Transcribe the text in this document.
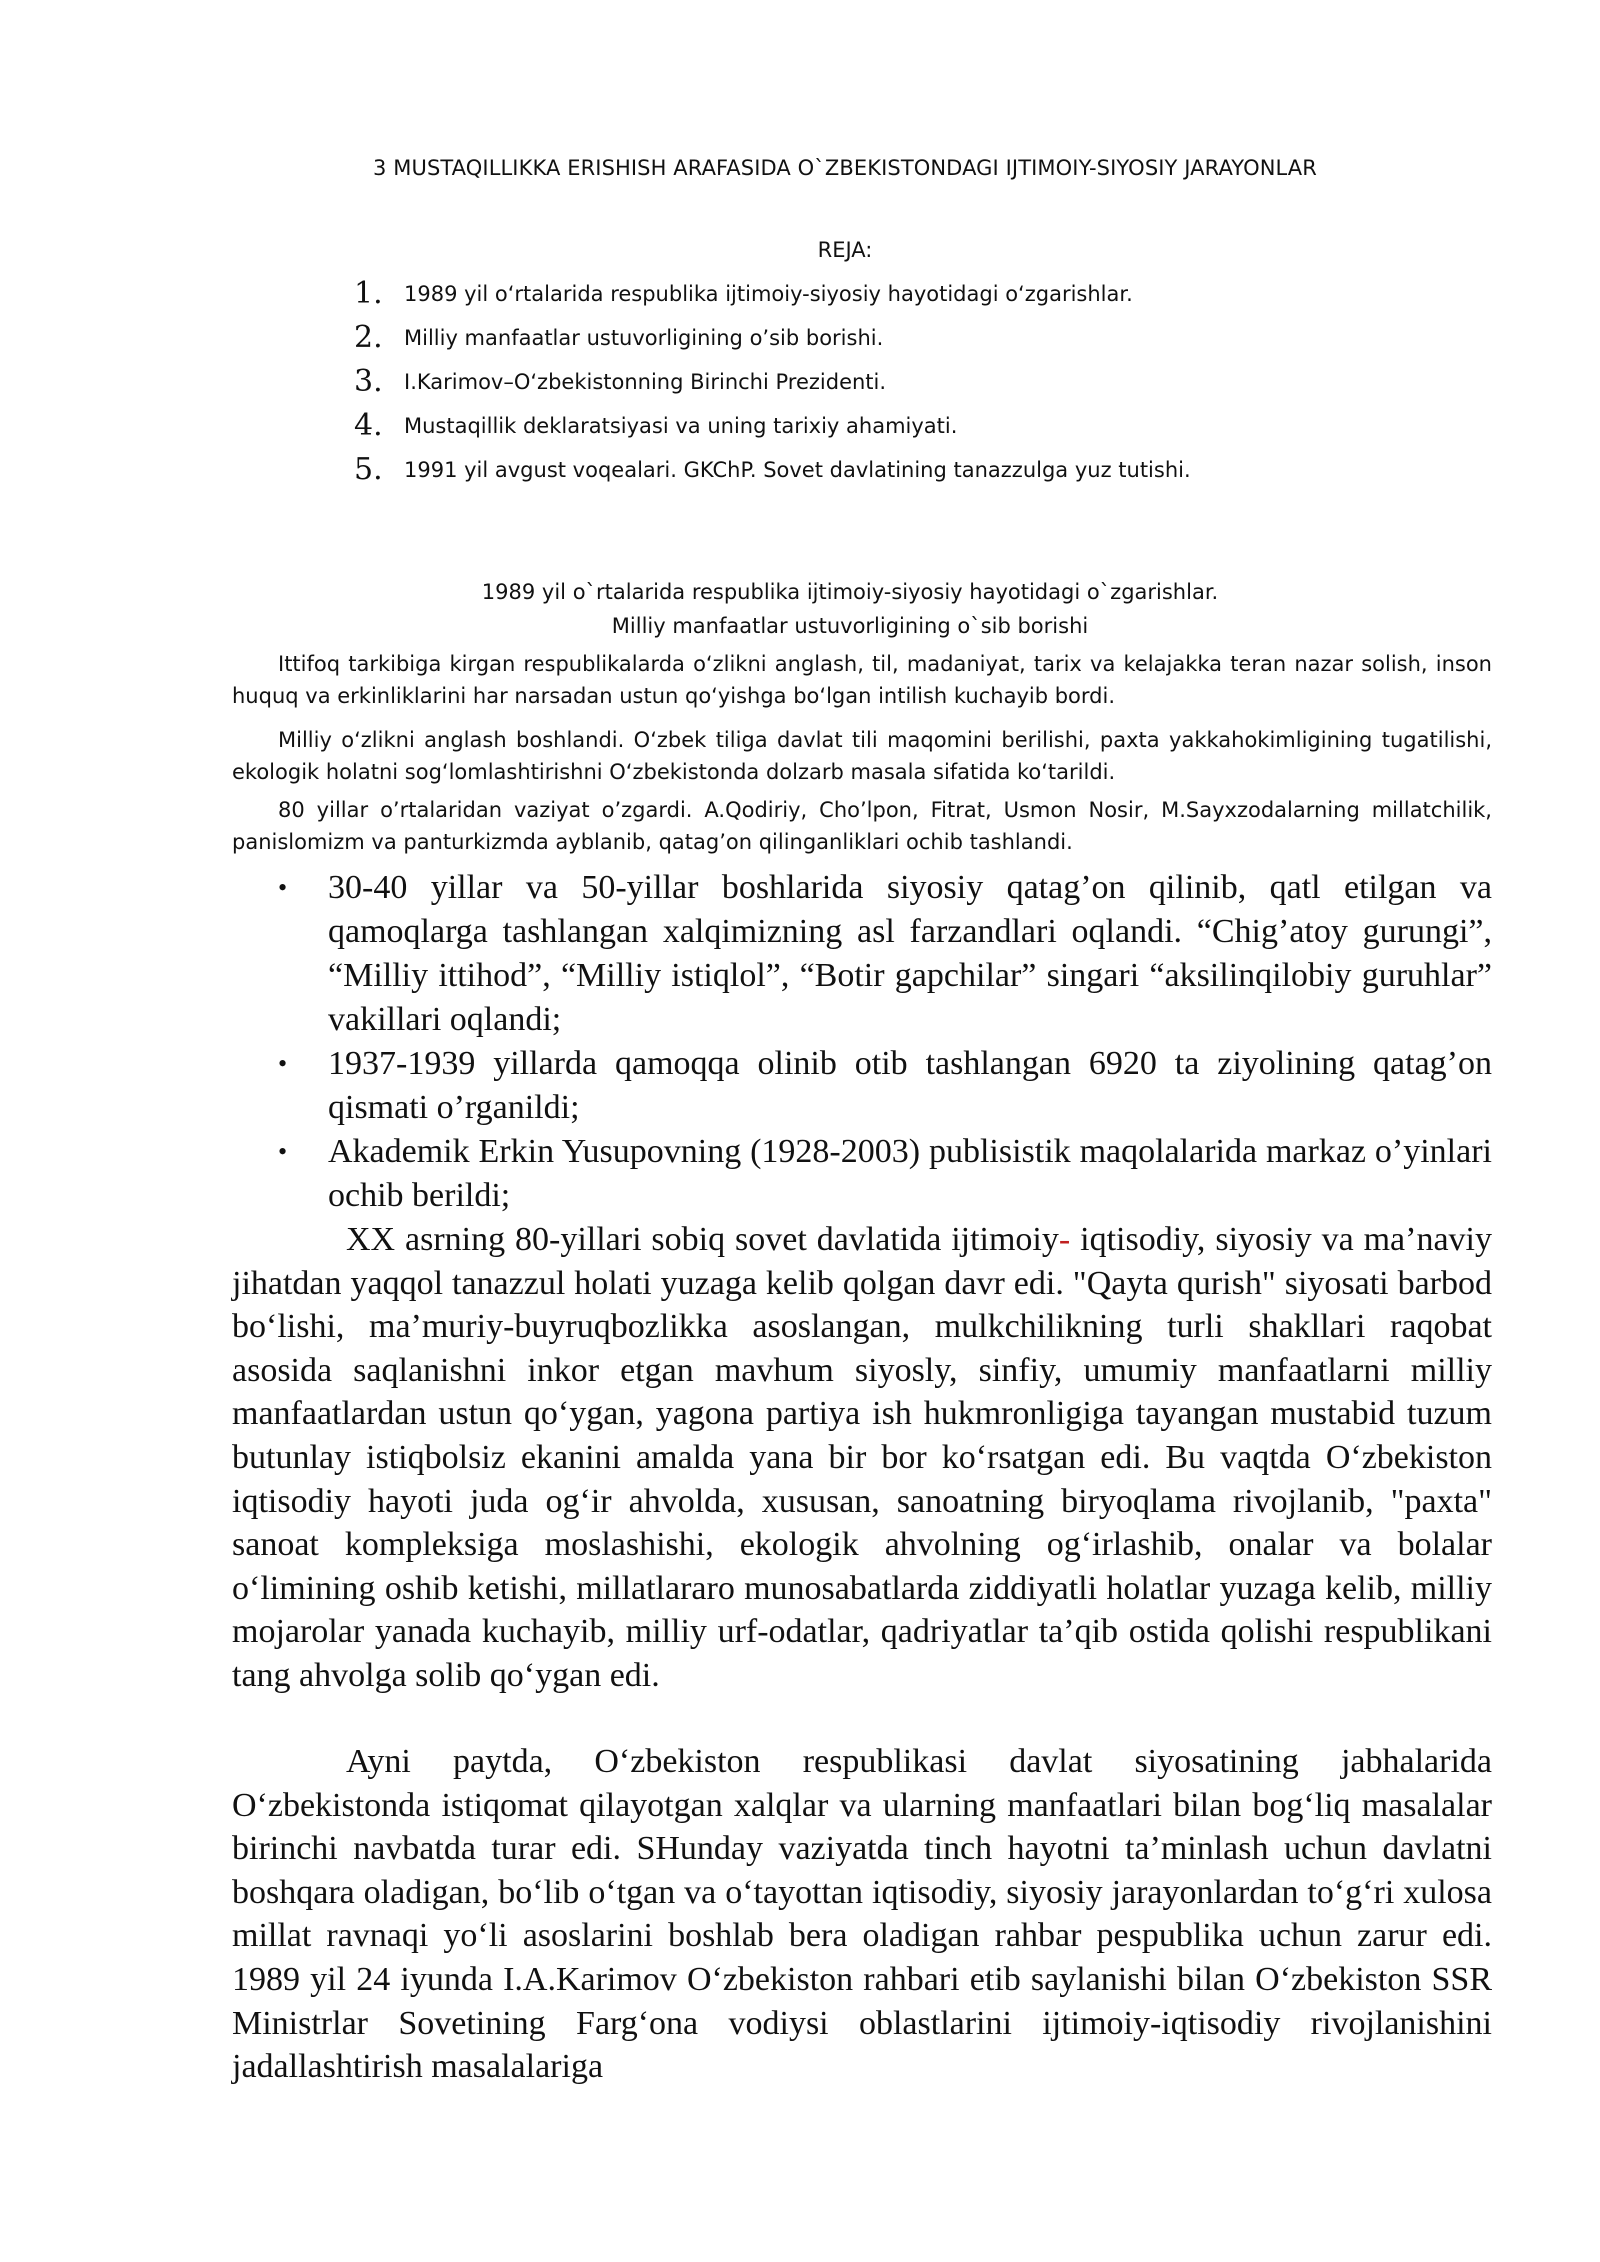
3 MUSTAQILLIKKA ERISHISH ARAFASIDA O`ZBEKISTONDAGI IJTIMOIY-SIYOSIY JARAYONLAR
REJA:
1. 1989 yil o‘rtalarida respublika ijtimoiy-siyosiy hayotidagi o‘zgarishlar.
2. Milliy manfaatlar ustuvorligining o’sib borishi.
3. I.Karimov–O‘zbekistonning Birinchi Prezidenti.
4. Mustaqillik deklaratsiyasi va uning tarixiy ahamiyati.
5. 1991 yil avgust voqealari. GKChP. Sovet davlatining tanazzulga yuz tutishi.
1989 yil o`rtalarida respublika ijtimoiy-siyosiy hayotidagi o`zgarishlar.
Milliy manfaatlar ustuvorligining o`sib borishi

Ittifoq tarkibiga kirgan respublikalarda o‘zlikni anglash, til, madaniyat, tarix va kelajakka teran nazar solish, inson huquq va erkinliklarini har narsadan ustun qo‘yishga bo‘lgan intilish kuchayib bordi.

Milliy o‘zlikni anglash boshlandi. O‘zbek tiliga davlat tili maqomini berilishi, paxta yakkahokimligining tugatilishi, ekologik holatni sog‘lomlashtirishni O‘zbekistonda dolzarb masala sifatida ko‘tarildi.

80 yillar o’rtalaridan vaziyat o’zgardi. A.Qodiriy, Cho’lpon, Fitrat, Usmon Nosir, M.Sayxzodalarning millatchilik, panislomizm va panturkizmda ayblanib, qatag’on qilinganliklari ochib tashlandi.

• 30-40 yillar va 50-yillar boshlarida siyosiy qatag’on qilinib, qatl etilgan va qamoqlarga tashlangan xalqimizning asl farzandlari oqlandi. “Chig’atoy gurungi”, “Milliy ittihod”, “Milliy istiqlol”, “Botir gapchilar” singari “aksilinqilobiy guruhlar” vakillari oqlandi;
• 1937-1939 yillarda qamoqqa olinib otib tashlangan 6920 ta ziyolining qatag’on qismati o’rganildi;
• Akademik Erkin Yusupovning (1928-2003) publisistik maqolalarida markaz o’yinlari ochib berildi;

XX asrning 80-yillari sobiq sovet davlatida ijtimoiy- iqtisodiy, siyosiy va ma’naviy jihatdan yaqqol tanazzul holati yuzaga kelib qolgan davr edi. "Qayta qurish" siyosati barbod bo‘lishi, ma’muriy-buyruqbozlikka asoslangan, mulkchilikning turli shakllari raqobat asosida saqlanishni inkor etgan mavhum siyosly, sinfiy, umumiy manfaatlarni milliy manfaatlardan ustun qo‘ygan, yagona partiya ish hukmronligiga tayangan mustabid tuzum butunlay istiqbolsiz ekanini amalda yana bir bor ko‘rsatgan edi. Bu vaqtda O‘zbekiston iqtisodiy hayoti juda og‘ir ahvolda, xususan, sanoatning biryoqlama rivojlanib, "paxta" sanoat kompleksiga moslashishi, ekologik ahvolning og‘irlashib, onalar va bolalar o‘limining oshib ketishi, millatlararo munosabatlarda ziddiyatli holatlar yuzaga kelib, milliy mojarolar yanada kuchayib, milliy urf-odatlar, qadriyatlar ta’qib ostida qolishi respublikani tang ahvolga solib qo‘ygan edi.

Ayni paytda, O‘zbekiston respublikasi davlat siyosatining jabhalarida O‘zbekistonda istiqomat qilayotgan xalqlar va ularning manfaatlari bilan bog‘liq masalalar birinchi navbatda turar edi. SHunday vaziyatda tinch hayotni ta’minlash uchun davlatni boshqara oladigan, bo‘lib o‘tgan va o‘tayottan iqtisodiy, siyosiy jarayonlardan to‘g‘ri xulosa millat ravnaqi yo‘li asoslarini boshlab bera oladigan rahbar pespublika uchun zarur edi. 1989 yil 24 iyunda I.A.Karimov O‘zbekiston rahbari etib saylanishi bilan O‘zbekiston SSR Ministrlar Sovetining Farg‘ona vodiysi oblastlarini ijtimoiy-iqtisodiy rivojlanishini jadallashtirish masalalariga
